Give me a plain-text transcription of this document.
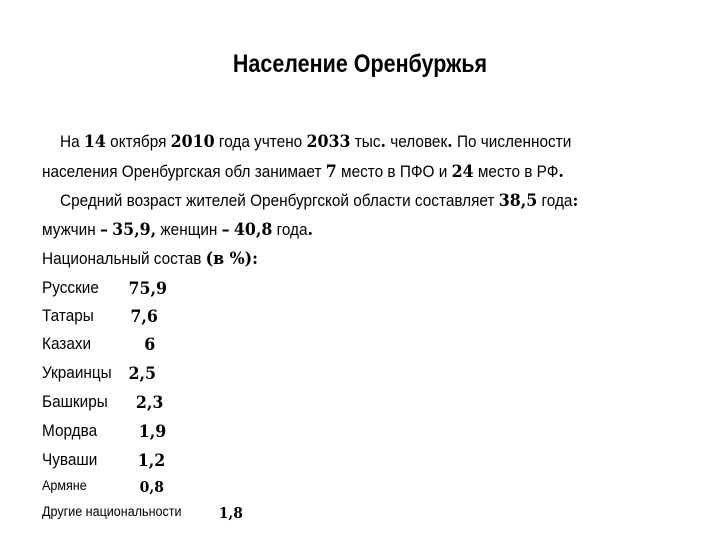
Население Оренбуржья
На 14 октября 2010 года учтено 2033 тыс. человек. По численности
населения Оренбургская обл занимает 7 место в ПФО и 24 место в РФ.
Средний возраст жителей Оренбургской области составляет 38,5 года:
мужчин – 35,9, женщин – 40,8 года.
Национальный состав (в %):
Русские 75,9
Татары 7,6
Казахи	6
Украинцы 2,5
Башкиры 2,3
Мордва 1,9
Чуваши 1,2
Армяне	0,8
Другие национальности 1,8
